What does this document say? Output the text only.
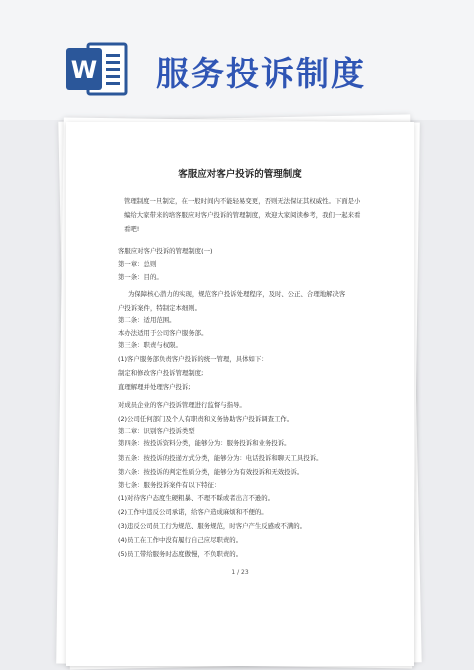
W 服务投诉制度
客服应对客户投诉的管理制度

管理制度一旦制定，在一般时间内不能轻易变更，否则无法保证其权威性。下面是小编给大家带来的培客服应对客户投诉的管理制度，欢迎大家阅读参考，我们一起来看看吧!

客服应对客户投诉的管理制度(一)

第一章：总则

第一条：目的。

为保障核心潜力的实现，规范客户投诉处理程序，及时、公正、合理地解决客

户投诉案件，特制定本细则。

第二条：适用范围。

本办法适用于公司客户服务部。

第三条：职责与权限。

(1)客户服务部负责客户投诉的统一管理，具体如下：

制定和修改客户投诉管理制度;

直理解理并处理客户投诉;

对成员企业的客户投诉管理进行监督与指导。

(2)公司任何部门及个人有职责和义务协助客户投诉调查工作。

第二章：识别客户投诉类型

第四条：按投诉资料分类，能够分为：服务投诉和业务投诉。

第五条：按投诉的投递方式分类，能够分为：电话投诉和聊天工具投诉。

第六条：按投诉的判定性质分类，能够分为有效投诉和无效投诉。

第七条：服务投诉案件有以下特征：

(1)对待客户态度生硬粗暴、不理不睬或者出言不逊的。

(2)工作中违反公司承诺，给客户造成麻烦和不便的。

(3)违反公司员工行为规范、服务规范，时客户产生反感或不满的。

(4)员工在工作中没有履行自己应尽职责的。

(5)员工带给服务时态度傲慢，不负职责的。

1 / 23
